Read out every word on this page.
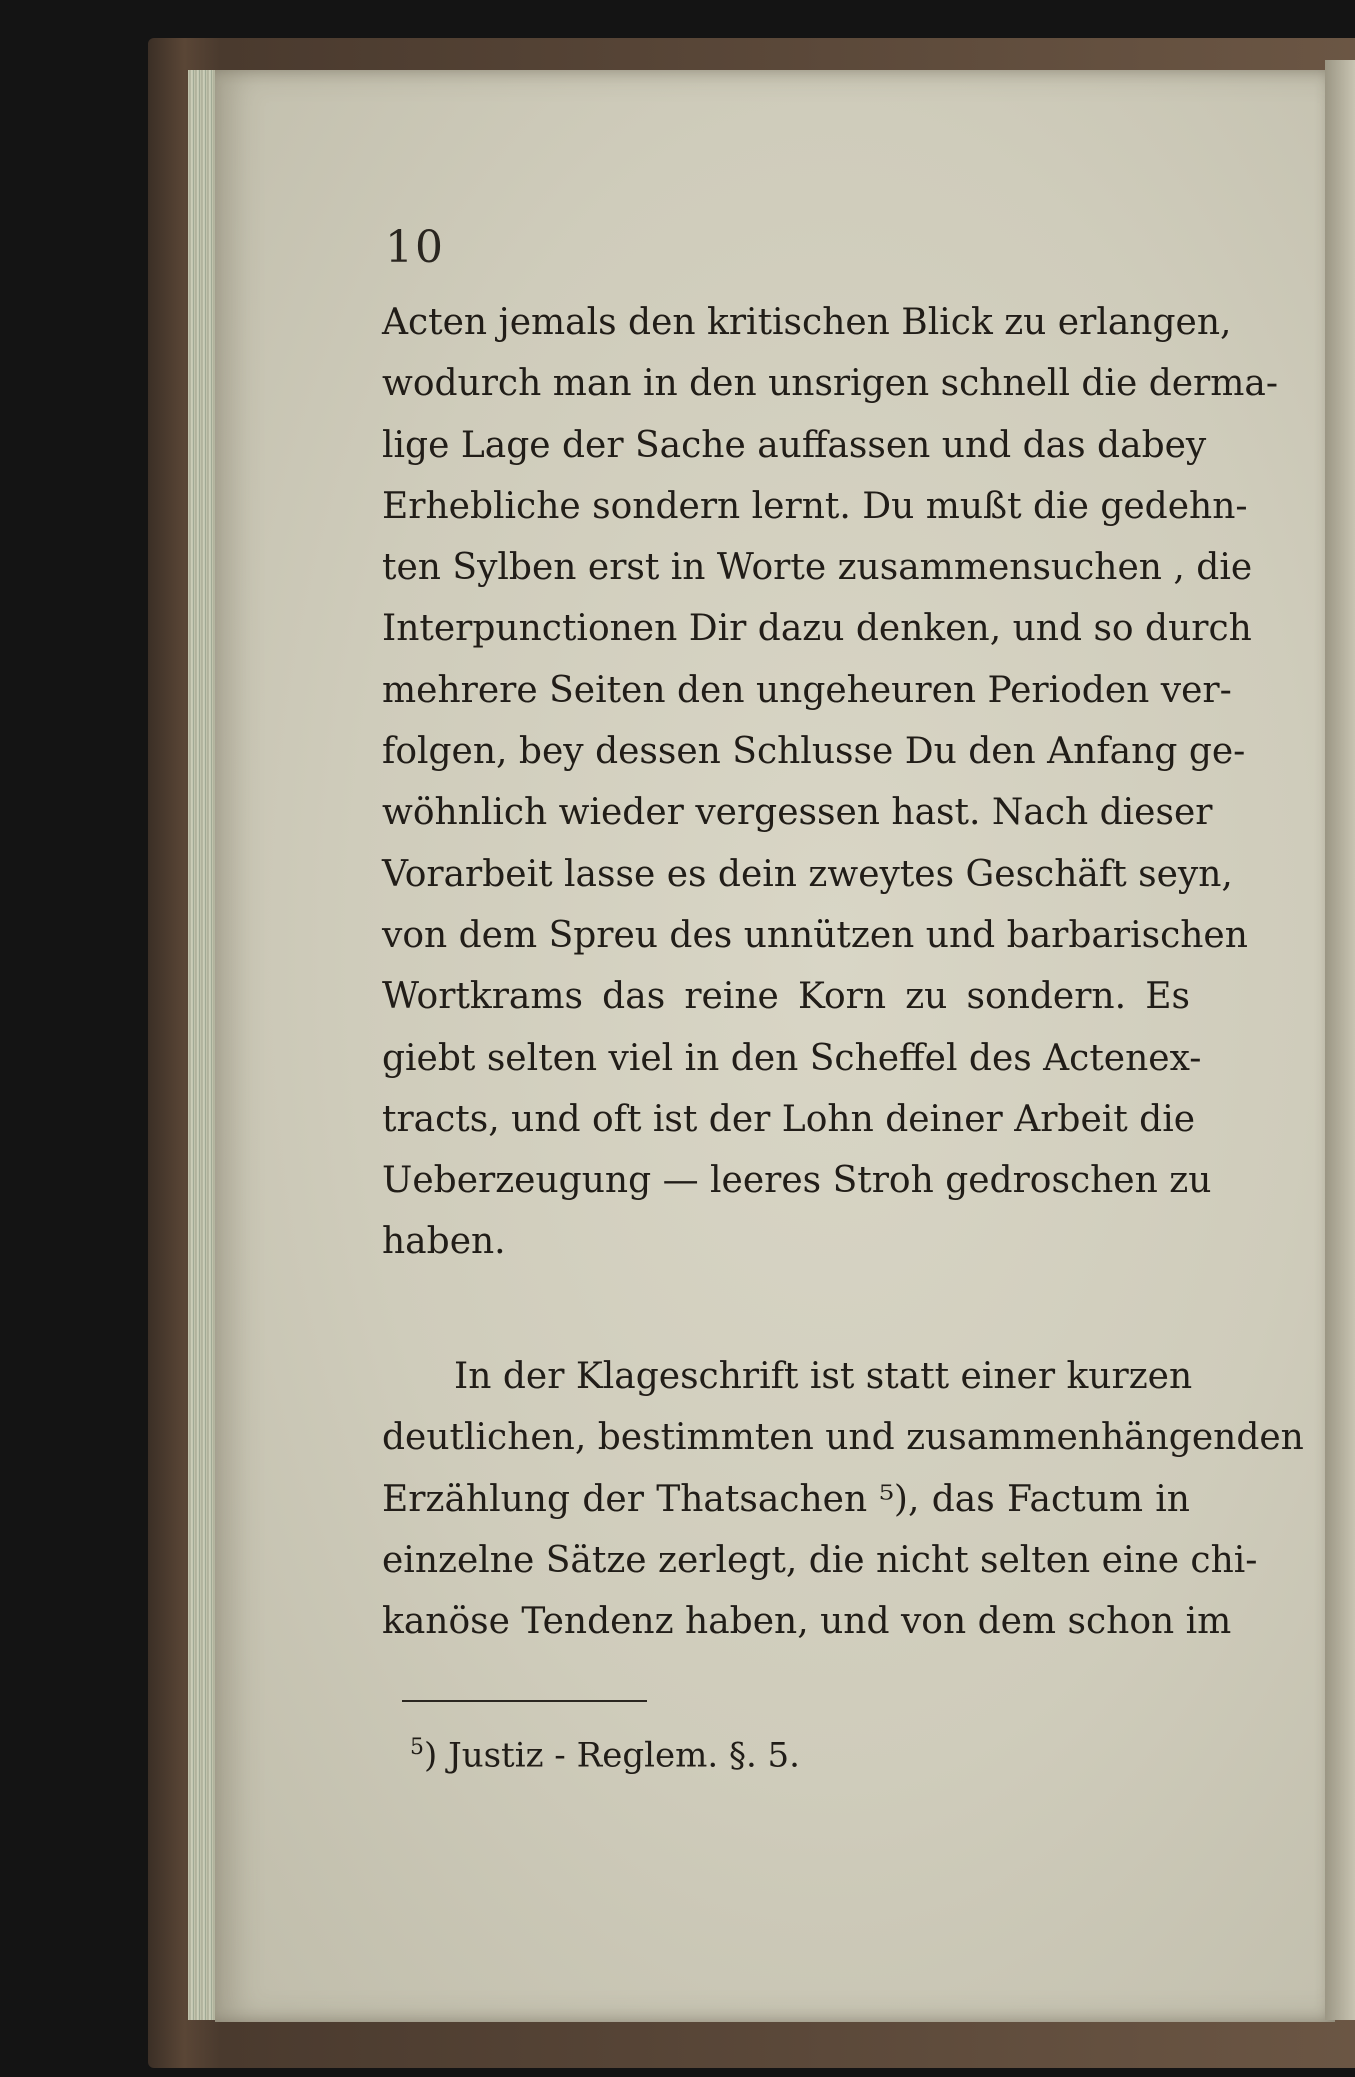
10
Acten jemals den kritischen Blick zu erlangen,
wodurch man in den unsrigen schnell die derma-
lige Lage der Sache auffassen und das dabey
Erhebliche sondern lernt. Du mußt die gedehn-
ten Sylben erst in Worte zusammensuchen , die
Interpunctionen Dir dazu denken, und so durch
mehrere Seiten den ungeheuren Perioden ver-
folgen, bey dessen Schlusse Du den Anfang ge-
wöhnlich wieder vergessen hast. Nach dieser
Vorarbeit lasse es dein zweytes Geschäft seyn,
von dem Spreu des unnützen und barbarischen
Wortkrams das reine Korn zu sondern. Es
giebt selten viel in den Scheffel des Actenex-
tracts, und oft ist der Lohn deiner Arbeit die
Ueberzeugung — leeres Stroh gedroschen zu
haben.
In der Klageschrift ist statt einer kurzen
deutlichen, bestimmten und zusammenhängenden
Erzählung der Thatsachen ⁵), das Factum in
einzelne Sätze zerlegt, die nicht selten eine chi-
kanöse Tendenz haben, und von dem schon im
$^5$) Justiz - Reglem. §. 5.
